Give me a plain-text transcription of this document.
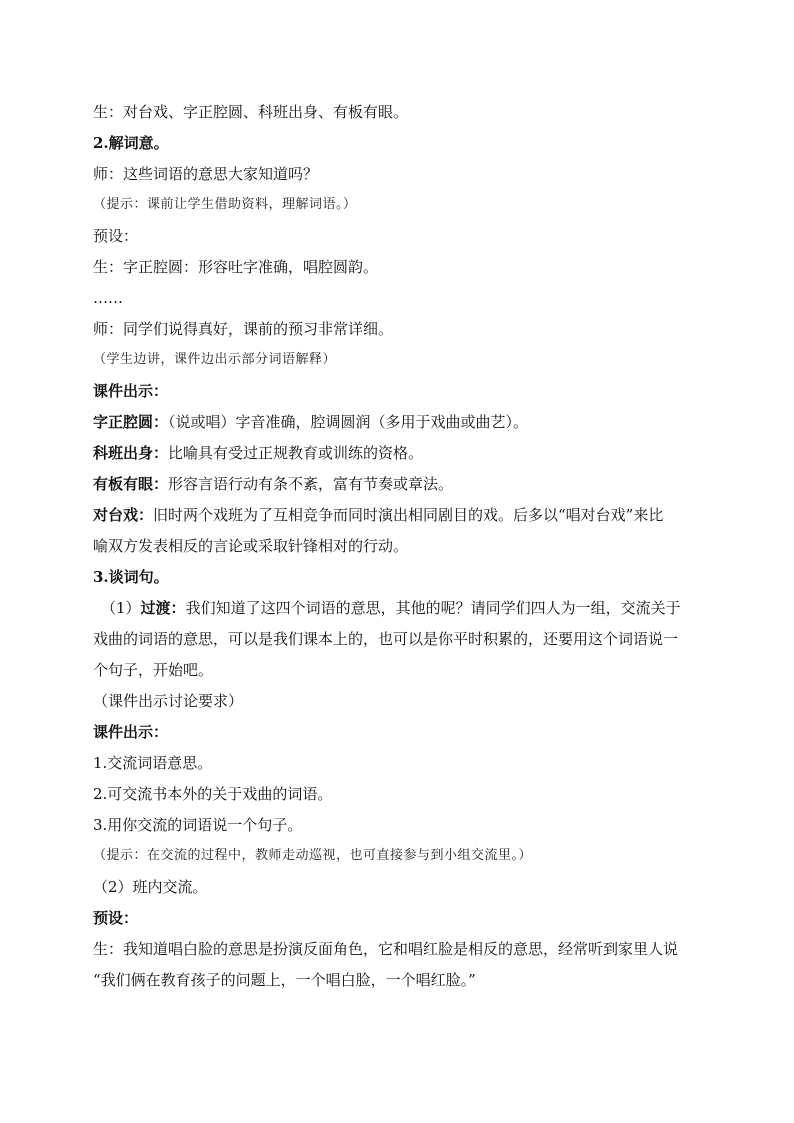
生：对台戏、字正腔圆、科班出身、有板有眼。
2.解词意。
师：这些词语的意思大家知道吗？
（提示：课前让学生借助资料，理解词语。）
预设：
生：字正腔圆：形容吐字准确，唱腔圆韵。
……
师：同学们说得真好，课前的预习非常详细。
（学生边讲，课件边出示部分词语解释）
课件出示：
字正腔圆：（说或唱）字音准确，腔调圆润（多用于戏曲或曲艺）。
科班出身：比喻具有受过正规教育或训练的资格。
有板有眼：形容言语行动有条不紊，富有节奏或章法。
对台戏：旧时两个戏班为了互相竞争而同时演出相同剧目的戏。后多以“唱对台戏”来比
喻双方发表相反的言论或采取针锋相对的行动。
3.谈词句。
（1）过渡：我们知道了这四个词语的意思，其他的呢？请同学们四人为一组，交流关于
戏曲的词语的意思，可以是我们课本上的，也可以是你平时积累的，还要用这个词语说一
个句子，开始吧。
（课件出示讨论要求）
课件出示：
1.交流词语意思。
2.可交流书本外的关于戏曲的词语。
3.用你交流的词语说一个句子。
（提示：在交流的过程中，教师走动巡视，也可直接参与到小组交流里。）
（2）班内交流。
预设：
生：我知道唱白脸的意思是扮演反面角色，它和唱红脸是相反的意思，经常听到家里人说
“我们俩在教育孩子的问题上，一个唱白脸，一个唱红脸。”
